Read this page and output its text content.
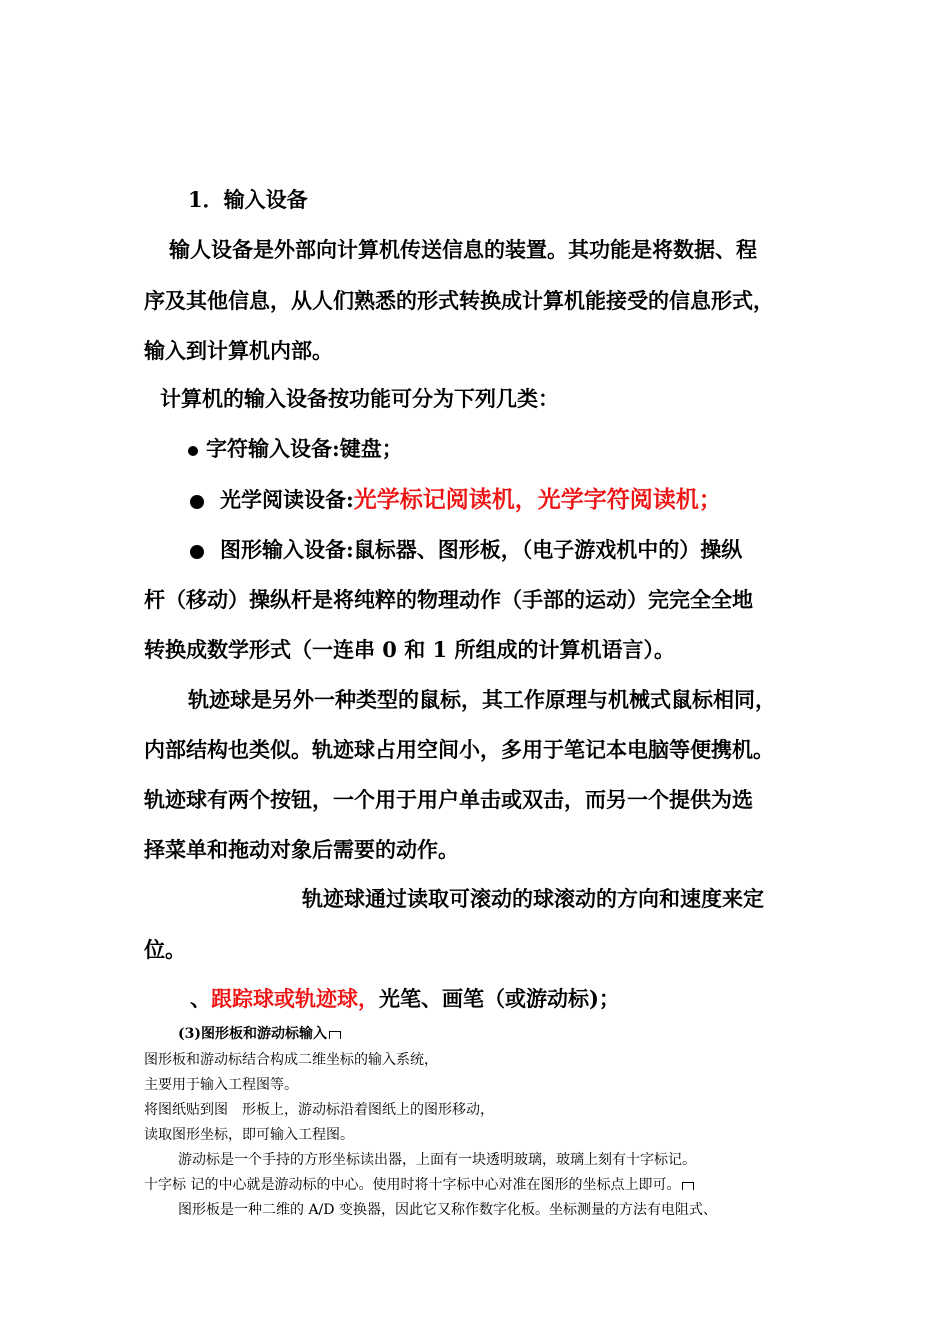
1．输入设备
输人设备是外部向计算机传送信息的装置。其功能是将数据、程
序及其他信息，从人们熟悉的形式转换成计算机能接受的信息形式，
输入到计算机内部。
计算机的输入设备按功能可分为下列几类：
字符输入设备:键盘；
光学阅读设备:光学标记阅读机，光学字符阅读机；
图形输入设备:鼠标器、图形板，（电子游戏机中的）操纵
杆（移动）操纵杆是将纯粹的物理动作（手部的运动）完完全全地
转换成数学形式（一连串 0 和 1 所组成的计算机语言）。
轨迹球是另外一种类型的鼠标，其工作原理与机械式鼠标相同，
内部结构也类似。轨迹球占用空间小，多用于笔记本电脑等便携机。
轨迹球有两个按钮，一个用于用户单击或双击，而另一个提供为选
择菜单和拖动对象后需要的动作。
轨迹球通过读取可滚动的球滚动的方向和速度来定
位。
、跟踪球或轨迹球，光笔、画笔（或游动标)；
(3)图形板和游动标输入
图形板和游动标结合构成二维坐标的输入系统，
主要用于输入工程图等。
将图纸贴到图　形板上，游动标沿着图纸上的图形移动，
读取图形坐标，即可输入工程图。
游动标是一个手持的方形坐标读出器，上面有一块透明玻璃，玻璃上刻有十字标记。
十字标 记的中心就是游动标的中心。使用时将十字标中心对准在图形的坐标点上即可。
图形板是一种二维的 A/D 变换器，因此它又称作数字化板。坐标测量的方法有电阻式、
